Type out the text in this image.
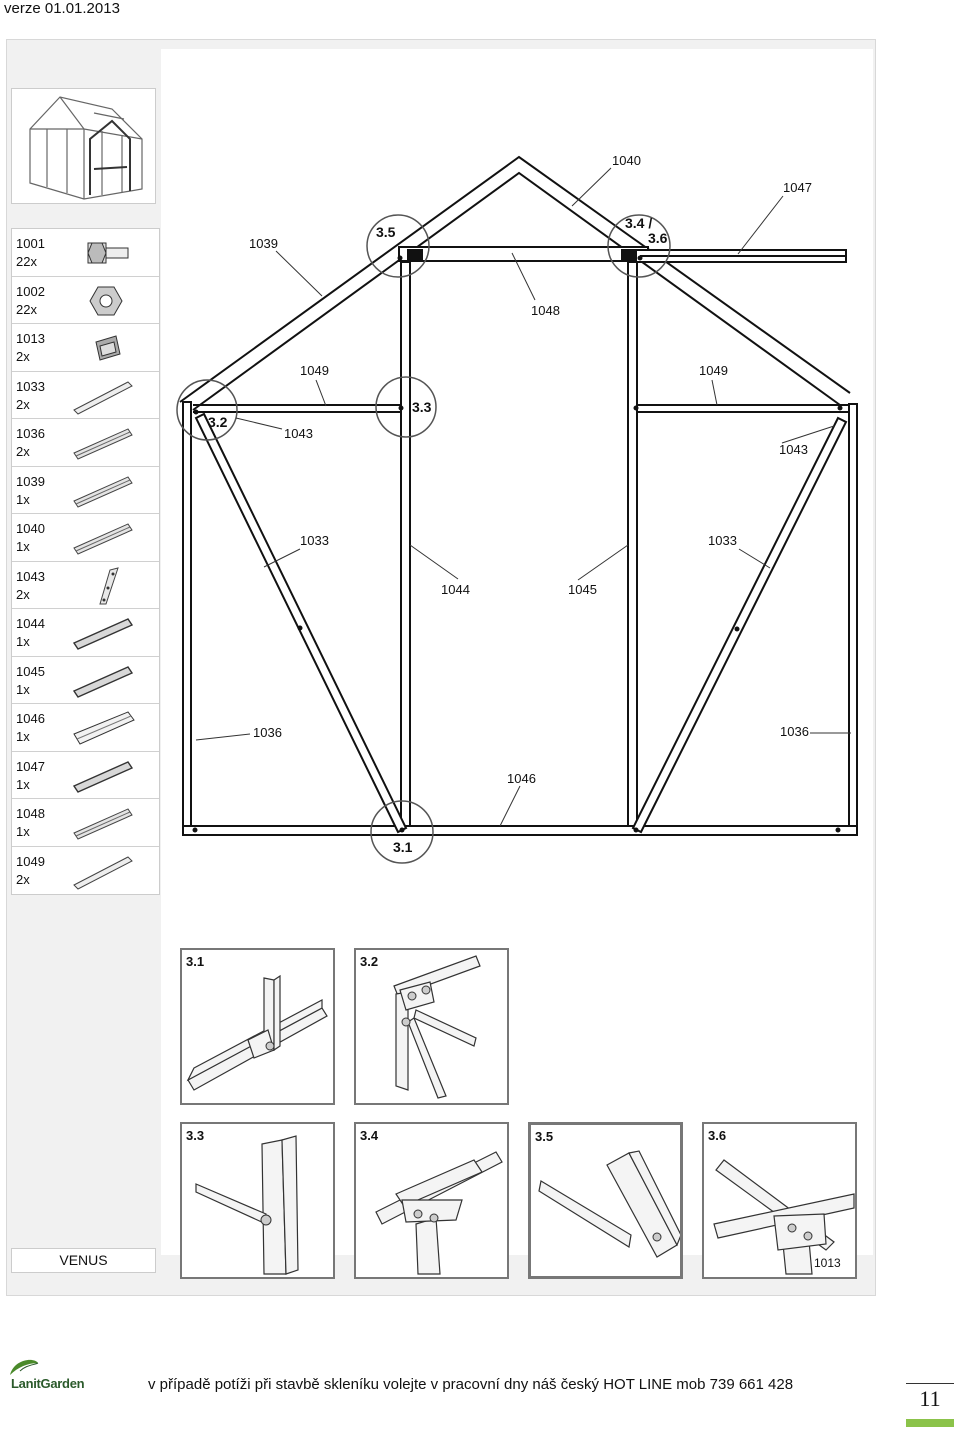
verze 01.01.2013
1001
22x
1002
22x
1013
2x
1033
2x
1036
2x
1039
1x
1040
1x
1043
2x
1044
1x
1045
1x
1046
1x
1047
1x
1048
1x
1049
2x
VENUS
1040
1047
1039
1048
1049	1049
1043
1043
1033	1033
1044	1045
1036	1036
1046
3.5
3.4 /
3.6
3.2
3.3
3.1
3.1	3.2
3.3	3.4	3.5	3.6
1013
LanitGarden	v případě potíži při stavbě skleníku volejte v pracovní dny náš český HOT LINE mob 739 661 428
11
